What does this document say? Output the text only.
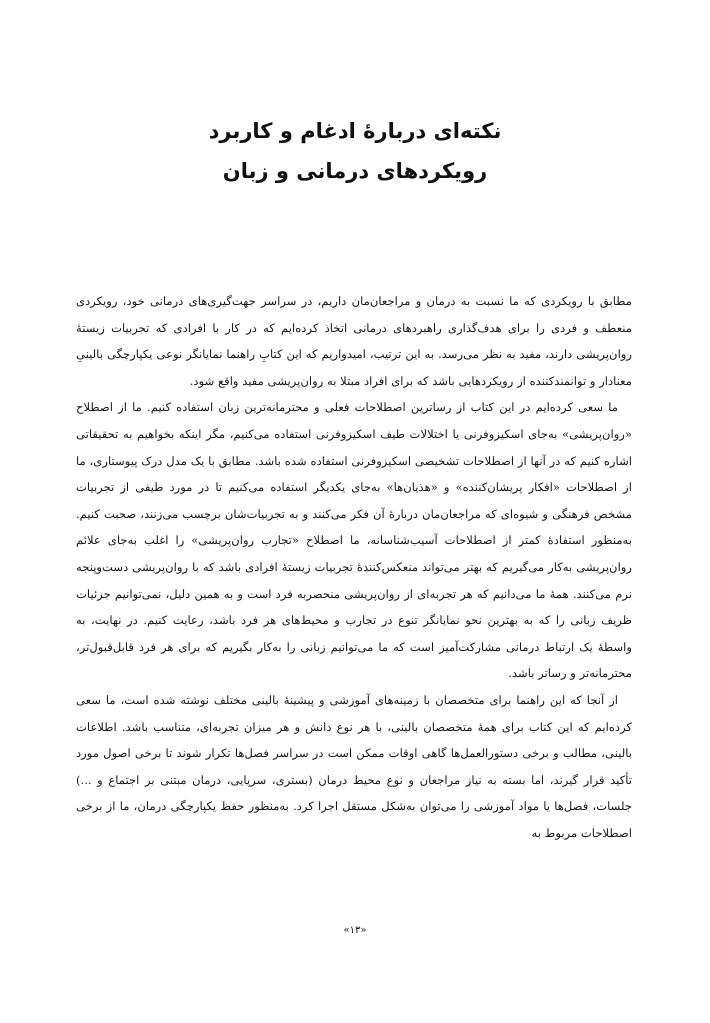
نکته‌ای دربارهٔ ادغام و کاربرد
رویکردهای درمانی و زبان

مطابق با رویکردی که ما نسبت به درمان و مراجعان‌مان داریم، در سراسر جهت‌گیری‌های درمانی خود، رویکردی منعطف و فردی را برای هدف‌گذاری راهبردهای درمانی اتخاذ کرده‌ایم که در کار با افرادی که تجربیات زیستهٔ روان‌پریشی دارند، مفید به نظر می‌رسد. به این ترتیب، امیدواریم که این کتابِ راهنما نمایانگر نوعی یکپارچگی بالینیِ معنادار و توانمندکننده از رویکردهایی باشد که برای افراد مبتلا به روان‌پریشی مفید واقع شود.

ما سعی کرده‌ایم در این کتاب از رساترین اصطلاحات فعلی و محترمانه‌ترین زبان استفاده کنیم. ما از اصطلاح «روان‌پریشی» به‌جای اسکیزوفرنی یا اختلالات طیف اسکیزوفرنی استفاده می‌کنیم، مگر اینکه بخواهیم به تحقیقاتی اشاره کنیم که در آنها از اصطلاحات تشخیصی اسکیزوفرنی استفاده شده باشد. مطابق با یک مدل درک پیوستاری، ما از اصطلاحات «افکار پریشان‌کننده» و «هذیان‌ها» به‌جای یکدیگر استفاده می‌کنیم تا در مورد طیفی از تجربیات مشخص فرهنگی و شیوه‌ای که مراجعان‌مان دربارهٔ آن فکر می‌کنند و به تجربیات‌شان برچسب می‌زنند، صحبت کنیم. به‌منظور استفادهٔ کمتر از اصطلاحات آسیب‌شناسانه، ما اصطلاح «تجارب روان‌پریشی» را اغلب به‌جای علائم روان‌پریشی به‌کار می‌گیریم که بهتر می‌تواند منعکس‌کنندهٔ تجربیات زیستهٔ افرادی باشد که با روان‌پریشی دست‌وپنجه نرم می‌کنند. همهٔ ما می‌دانیم که هر تجربه‌ای از روان‌پریشی منحصربه فرد است و به همین دلیل، نمی‌توانیم جزئیات ظریف زبانی را که به بهترین نحو نمایانگر تنوع در تجارب و محیط‌های هر فرد باشد، رعایت کنیم. در نهایت، به واسطهٔ یک ارتباط درمانی مشارکت‌آمیز است که ما می‌توانیم زبانی را به‌کار بگیریم که برای هر فرد قابل‌قبول‌تر، محترمانه‌تر و رساتر باشد.

از آنجا که این راهنما برای متخصصان با زمینه‌های آموزشی و پیشینهٔ بالینی مختلف نوشته شده است، ما سعی کرده‌ایم که این کتاب برای همهٔ متخصصان بالینی، با هر نوع دانش و هر میزان تجربه‌ای، متناسب باشد. اطلاعات بالینی، مطالب و برخی دستورالعمل‌ها گاهی اوقات ممکن است در سراسر فصل‌ها تکرار شوند تا برخی اصول مورد تأکید قرار گیرند، اما بسته به نیاز مراجعان و نوع محیط درمان (بستری، سرپایی، درمان مبتنی بر اجتماع و ...) جلسات، فصل‌ها یا مواد آموزشی را می‌توان به‌شکل مستقل اجرا کرد. به‌منظور حفظ یکپارچگی درمان، ما از برخی اصطلاحات مربوط به

«۱۳»
